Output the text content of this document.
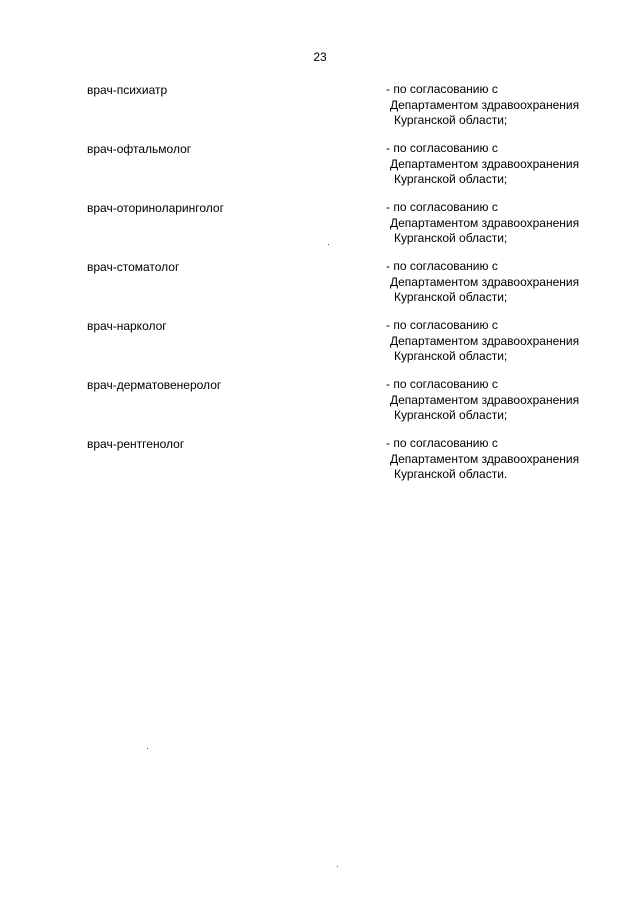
23
врач-психиатр	- по согласованию с
Департаментом здравоохранения
Курганской области;
врач-офтальмолог	- по согласованию с
Департаментом здравоохранения
Курганской области;
врач-оториноларинголог	- по согласованию с
Департаментом здравоохранения
Курганской области;
врач-стоматолог	- по согласованию с
Департаментом здравоохранения
Курганской области;
врач-нарколог	- по согласованию с
Департаментом здравоохранения
Курганской области;
врач-дерматовенеролог	- по согласованию с
Департаментом здравоохранения
Курганской области;
врач-рентгенолог	- по согласованию с
Департаментом здравоохранения
Курганской области.
